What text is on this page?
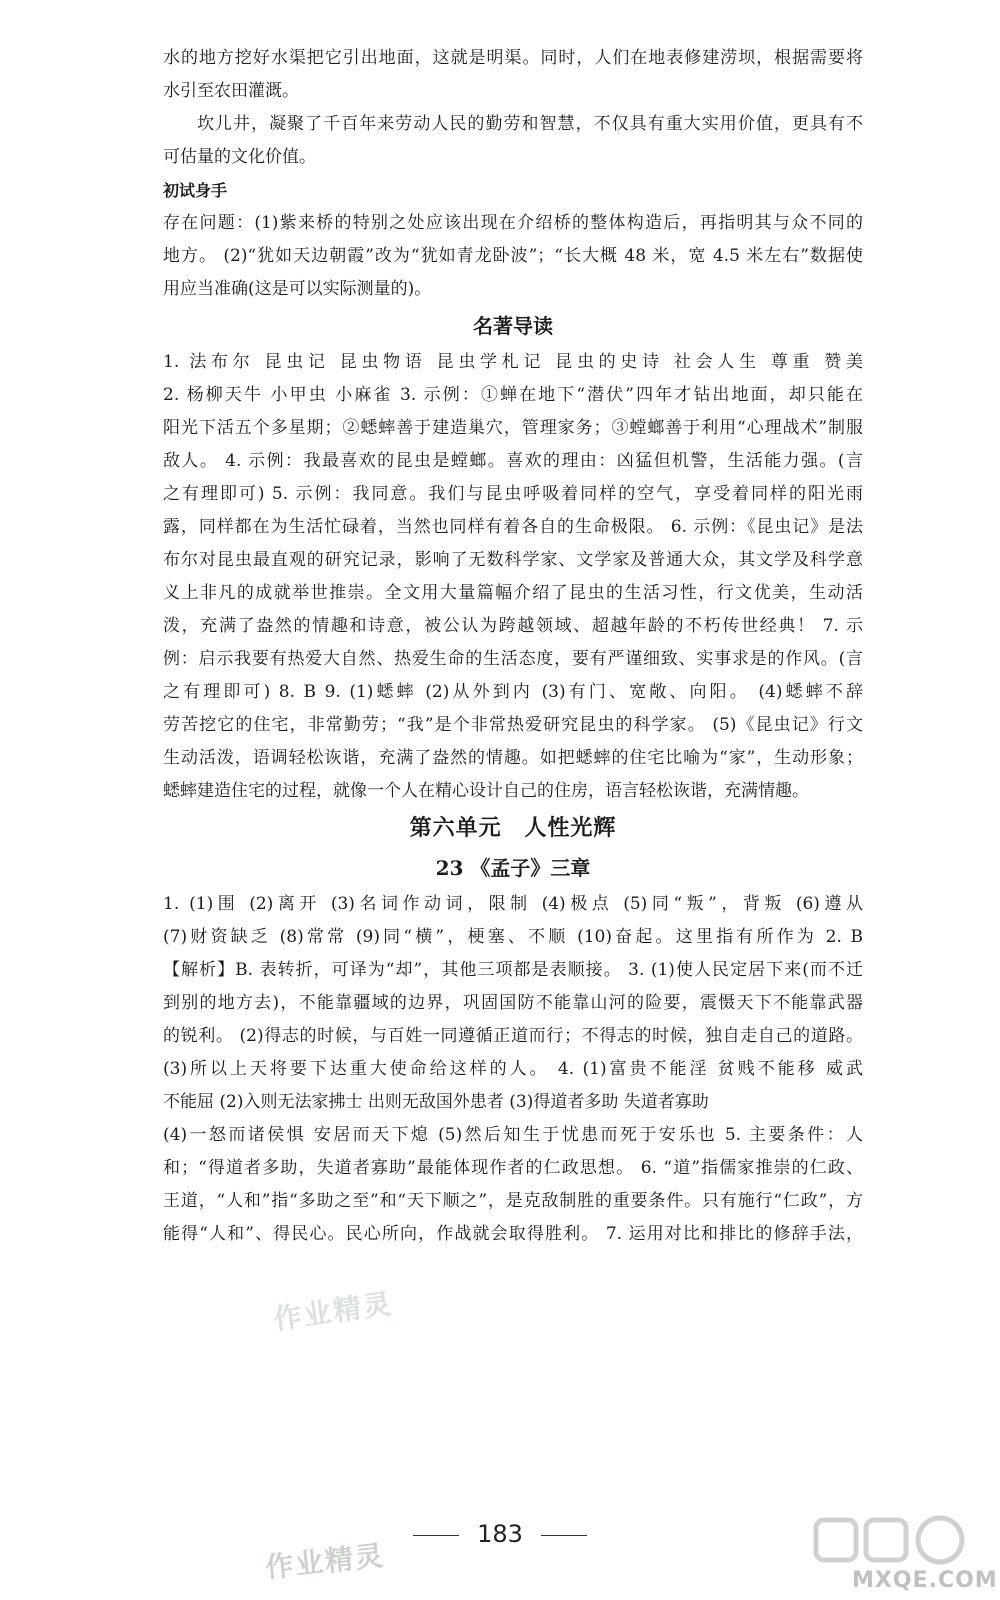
水的地方挖好水渠把它引出地面，这就是明渠。同时，人们在地表修建涝坝，根据需要将
水引至农田灌溉。
坎儿井，凝聚了千百年来劳动人民的勤劳和智慧，不仅具有重大实用价值，更具有不
可估量的文化价值。
初试身手
存在问题：(1)紫来桥的特别之处应该出现在介绍桥的整体构造后，再指明其与众不同的
地方。 (2)“犹如天边朝霞”改为“犹如青龙卧波”；“长大概 48 米，宽 4.5 米左右”数据使
用应当准确(这是可以实际测量的)。
名著导读
1. 法布尔 昆虫记 昆虫物语 昆虫学札记 昆虫的史诗 社会人生 尊重 赞美
2. 杨柳天牛 小甲虫 小麻雀 3. 示例：①蝉在地下“潜伏”四年才钻出地面，却只能在
阳光下活五个多星期；②蟋蟀善于建造巢穴，管理家务；③螳螂善于利用“心理战术”制服
敌人。 4. 示例：我最喜欢的昆虫是螳螂。喜欢的理由：凶猛但机警，生活能力强。(言
之有理即可) 5. 示例：我同意。我们与昆虫呼吸着同样的空气，享受着同样的阳光雨
露，同样都在为生活忙碌着，当然也同样有着各自的生命极限。 6. 示例：《昆虫记》是法
布尔对昆虫最直观的研究记录，影响了无数科学家、文学家及普通大众，其文学及科学意
义上非凡的成就举世推崇。全文用大量篇幅介绍了昆虫的生活习性，行文优美，生动活
泼，充满了盎然的情趣和诗意，被公认为跨越领域、超越年龄的不朽传世经典！ 7. 示
例：启示我要有热爱大自然、热爱生命的生活态度，要有严谨细致、实事求是的作风。(言
之有理即可) 8. B 9. (1)蟋蟀 (2)从外到内 (3)有门、宽敞、向阳。 (4)蟋蟀不辞
劳苦挖它的住宅，非常勤劳；“我”是个非常热爱研究昆虫的科学家。 (5)《昆虫记》行文
生动活泼，语调轻松诙谐，充满了盎然的情趣。如把蟋蟀的住宅比喻为“家”，生动形象；
蟋蟀建造住宅的过程，就像一个人在精心设计自己的住房，语言轻松诙谐，充满情趣。
第六单元 人性光辉
23 《孟子》三章
1. (1)围 (2)离开 (3)名词作动词，限制 (4)极点 (5)同“叛”，背叛 (6)遵从
(7)财资缺乏 (8)常常 (9)同“横”，梗塞、不顺 (10)奋起。这里指有所作为 2. B
【解析】B. 表转折，可译为“却”，其他三项都是表顺接。 3. (1)使人民定居下来(而不迁
到别的地方去)，不能靠疆域的边界，巩固国防不能靠山河的险要，震慑天下不能靠武器
的锐利。 (2)得志的时候，与百姓一同遵循正道而行；不得志的时候，独自走自己的道路。
(3)所以上天将要下达重大使命给这样的人。 4. (1)富贵不能淫 贫贱不能移 威武
不能屈 (2)入则无法家拂士 出则无敌国外患者 (3)得道者多助 失道者寡助
(4)一怒而诸侯惧 安居而天下熄 (5)然后知生于忧患而死于安乐也 5. 主要条件：人
和；“得道者多助，失道者寡助”最能体现作者的仁政思想。 6. “道”指儒家推崇的仁政、
王道，“人和”指“多助之至”和“天下顺之”，是克敌制胜的重要条件。只有施行“仁政”，方
能得“人和”、得民心。民心所向，作战就会取得胜利。 7. 运用对比和排比的修辞手法，
作业精灵
作业精灵
183
MXQE.COM
